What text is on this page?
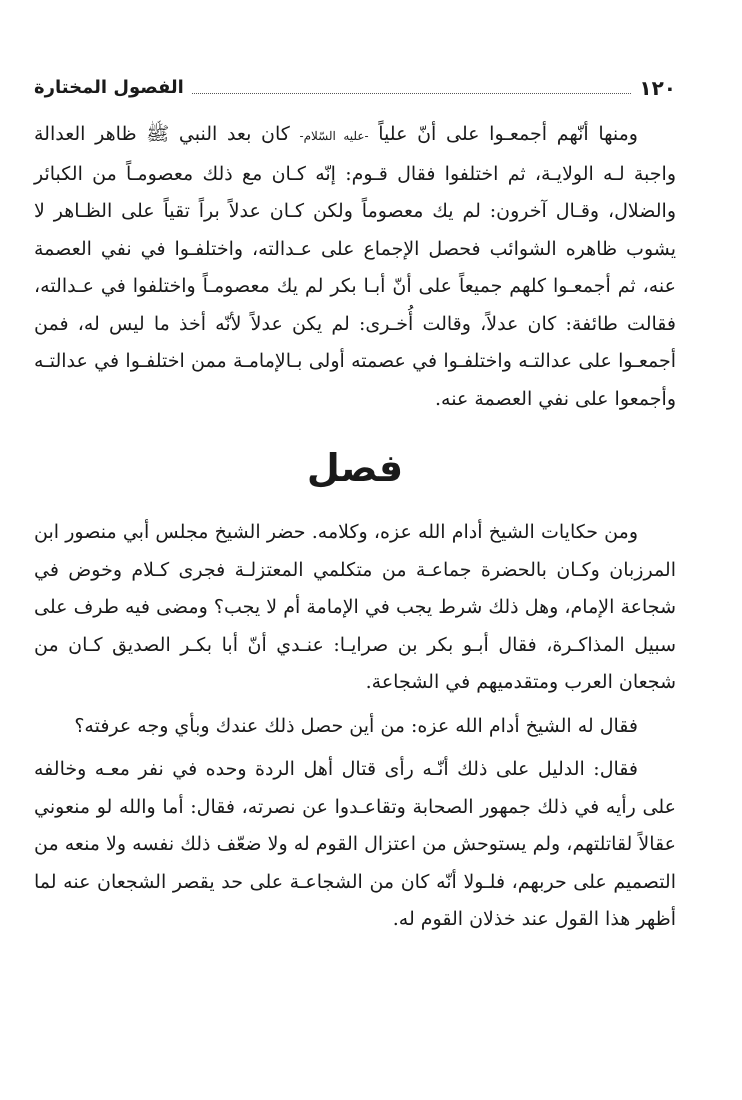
١٢٠
الفصول المختارة

ومنها أنّهم أجمعـوا على أنّ علياً -عليه السّلام- كان بعد النبي ﷺ ظاهر العدالة واجبة لـه الولايـة، ثم اختلفوا فقال قـوم: إنّه كـان مع ذلك معصومـاً من الكبائر والضلال، وقـال آخرون: لم يك معصوماً ولكن كـان عدلاً براً تقياً على الظـاهر لا يشوب ظاهره الشوائب فحصل الإجماع على عـدالته، واختلفـوا في نفي العصمة عنه، ثم أجمعـوا كلهم جميعاً على أنّ أبـا بكر لم يك معصومـاً واختلفوا في عـدالته، فقالت طائفة: كان عدلاً، وقالت أُخـرى: لم يكن عدلاً لأنّه أخذ ما ليس له، فمن أجمعـوا على عدالتـه واختلفـوا في عصمته أولى بـالإمامـة ممن اختلفـوا في عدالتـه وأجمعوا على نفي العصمة عنه.

فصل

ومن حكايات الشيخ أدام الله عزه، وكلامه. حضر الشيخ مجلس أبي منصور ابن المرزبان وكـان بالحضرة جماعـة من متكلمي المعتزلـة فجرى كـلام وخوض في شجاعة الإمام، وهل ذلك شرط يجب في الإمامة أم لا يجب؟ ومضى فيه طرف على سبيل المذاكـرة، فقال أبـو بكر بن صرايـا: عنـدي أنّ أبا بكـر الصديق كـان من شجعان العرب ومتقدميهم في الشجاعة.

فقال له الشيخ أدام الله عزه: من أين حصل ذلك عندك وبأي وجه عرفته؟

فقال: الدليل على ذلك أنّـه رأى قتال أهل الردة وحده في نفر معـه وخالفه على رأيه في ذلك جمهور الصحابة وتقاعـدوا عن نصرته، فقال: أما والله لو منعوني عقالاً لقاتلتهم، ولم يستوحش من اعتزال القوم له ولا ضعّف ذلك نفسه ولا منعه من التصميم على حربهم، فلـولا أنّه كان من الشجاعـة على حد يقصر الشجعان عنه لما أظهر هذا القول عند خذلان القوم له.
